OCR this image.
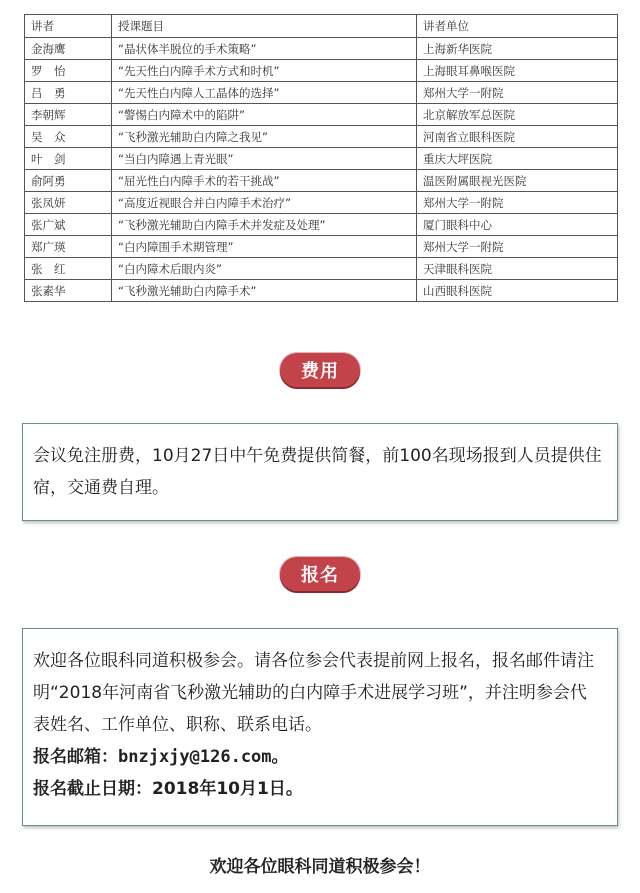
讲者	授课题目	讲者单位
金海鹰	“晶状体半脱位的手术策略”	上海新华医院
罗　怡	“先天性白内障手术方式和时机”	上海眼耳鼻喉医院
吕　勇	“先天性白内障人工晶体的选择”	郑州大学一附院
李朝辉	“警惕白内障术中的陷阱”	北京解放军总医院
吴　众	“飞秒激光辅助白内障之我见”	河南省立眼科医院
叶　剑	“当白内障遇上青光眼”	重庆大坪医院
俞阿勇	“屈光性白内障手术的若干挑战”	温医附属眼视光医院
张凤妍	“高度近视眼合并白内障手术治疗”	郑州大学一附院
张广斌	“飞秒激光辅助白内障手术并发症及处理”	厦门眼科中心
郑广瑛	“白内障围手术期管理”	郑州大学一附院
张　红	“白内障术后眼内炎”	天津眼科医院
张素华	“飞秒激光辅助白内障手术”	山西眼科医院
费用

会议免注册费，10月27日中午免费提供简餐，前100名现场报到人员提供住宿，交通费自理。

报名

欢迎各位眼科同道积极参会。请各位参会代表提前网上报名，报名邮件请注明“2018年河南省飞秒激光辅助的白内障手术进展学习班”，并注明参会代表姓名、工作单位、职称、联系电话。

报名邮箱：bnzjxjy@126.com。

报名截止日期：2018年10月1日。

欢迎各位眼科同道积极参会！
